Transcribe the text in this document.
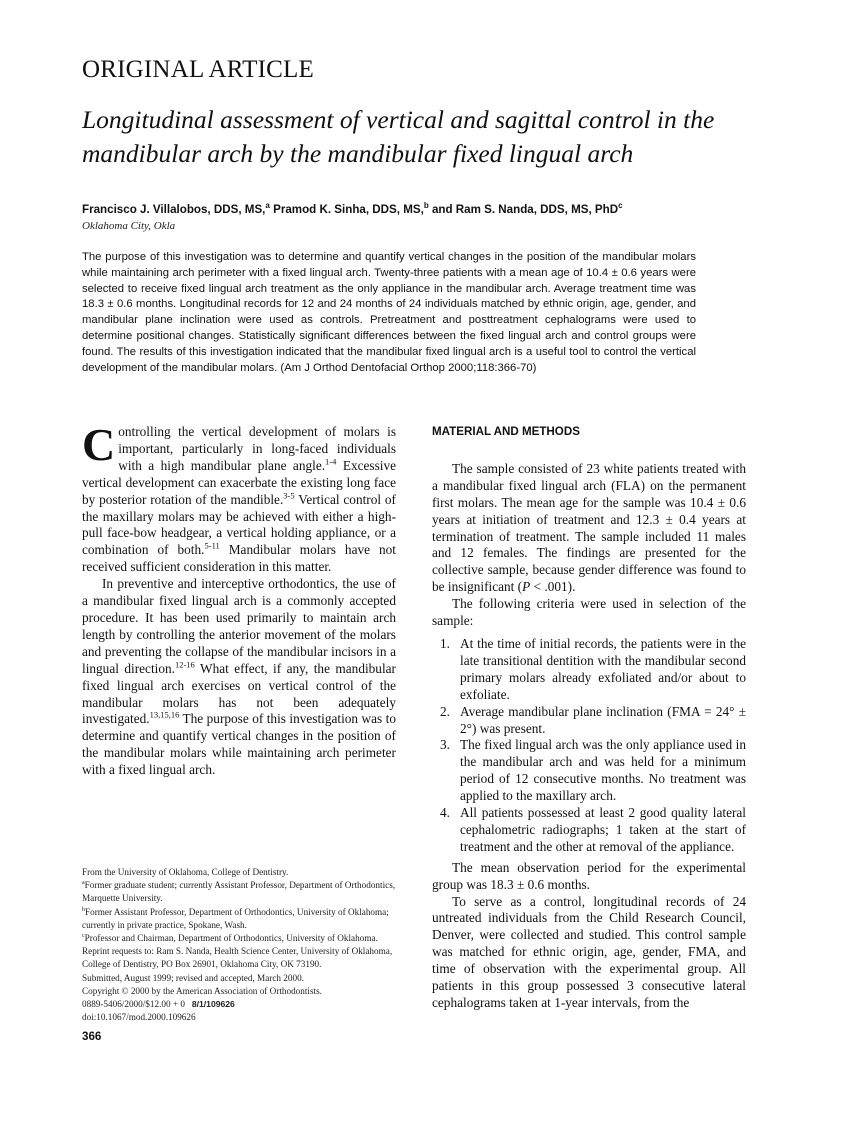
ORIGINAL ARTICLE
Longitudinal assessment of vertical and sagittal control in the mandibular arch by the mandibular fixed lingual arch
Francisco J. Villalobos, DDS, MS,$^a$ Pramod K. Sinha, DDS, MS,$^b$ and Ram S. Nanda, DDS, MS, PhD$^c$
Oklahoma City, Okla

The purpose of this investigation was to determine and quantify vertical changes in the position of the mandibular molars while maintaining arch perimeter with a fixed lingual arch. Twenty-three patients with a mean age of 10.4 ± 0.6 years were selected to receive fixed lingual arch treatment as the only appliance in the mandibular arch. Average treatment time was 18.3 ± 0.6 months. Longitudinal records for 12 and 24 months of 24 individuals matched by ethnic origin, age, gender, and mandibular plane inclination were used as controls. Pretreatment and posttreatment cephalograms were used to determine positional changes. Statistically significant differences between the fixed lingual arch and control groups were found. The results of this investigation indicated that the mandibular fixed lingual arch is a useful tool to control the vertical development of the mandibular molars. (Am J Orthod Dentofacial Orthop 2000;118:366-70)

Controlling the vertical development of molars is important, particularly in long-faced individuals with a high mandibular plane angle.$^{1-4}$ Excessive vertical development can exacerbate the existing long face by posterior rotation of the mandible.$^{3-5}$ Vertical control of the maxillary molars may be achieved with either a high-pull face-bow headgear, a vertical holding appliance, or a combination of both.$^{5-11}$ Mandibular molars have not received sufficient consideration in this matter.

In preventive and interceptive orthodontics, the use of a mandibular fixed lingual arch is a commonly accepted procedure. It has been used primarily to maintain arch length by controlling the anterior movement of the molars and preventing the collapse of the mandibular incisors in a lingual direction.$^{12-16}$ What effect, if any, the mandibular fixed lingual arch exercises on vertical control of the mandibular molars has not been adequately investigated.$^{13,15,16}$ The purpose of this investigation was to determine and quantify vertical changes in the position of the mandibular molars while maintaining arch perimeter with a fixed lingual arch.

From the University of Oklahoma, College of Dentistry.
$^a$Former graduate student; currently Assistant Professor, Department of Orthodontics, Marquette University.
$^b$Former Assistant Professor, Department of Orthodontics, University of Oklahoma; currently in private practice, Spokane, Wash.
$^c$Professor and Chairman, Department of Orthodontics, University of Oklahoma.
Reprint requests to: Ram S. Nanda, Health Science Center, University of Oklahoma, College of Dentistry, PO Box 26901, Oklahoma City, OK 73190.
Submitted, August 1999; revised and accepted, March 2000.
Copyright © 2000 by the American Association of Orthodontists.
0889-5406/2000/$12.00 + 0 8/1/109626
doi:10.1067/mod.2000.109626
MATERIAL AND METHODS

The sample consisted of 23 white patients treated with a mandibular fixed lingual arch (FLA) on the permanent first molars. The mean age for the sample was 10.4 ± 0.6 years at initiation of treatment and 12.3 ± 0.4 years at termination of treatment. The sample included 11 males and 12 females. The findings are presented for the collective sample, because gender difference was found to be insignificant (P < .001).

The following criteria were used in selection of the sample:

1. At the time of initial records, the patients were in the late transitional dentition with the mandibular second primary molars already exfoliated and/or about to exfoliate.
2. Average mandibular plane inclination (FMA = 24° ± 2°) was present.
3. The fixed lingual arch was the only appliance used in the mandibular arch and was held for a minimum period of 12 consecutive months. No treatment was applied to the maxillary arch.
4. All patients possessed at least 2 good quality lateral cephalometric radiographs; 1 taken at the start of treatment and the other at removal of the appliance.

The mean observation period for the experimental group was 18.3 ± 0.6 months.

To serve as a control, longitudinal records of 24 untreated individuals from the Child Research Council, Denver, were collected and studied. This control sample was matched for ethnic origin, age, gender, FMA, and time of observation with the experimental group. All patients in this group possessed 3 consecutive lateral cephalograms taken at 1-year intervals, from the

366
